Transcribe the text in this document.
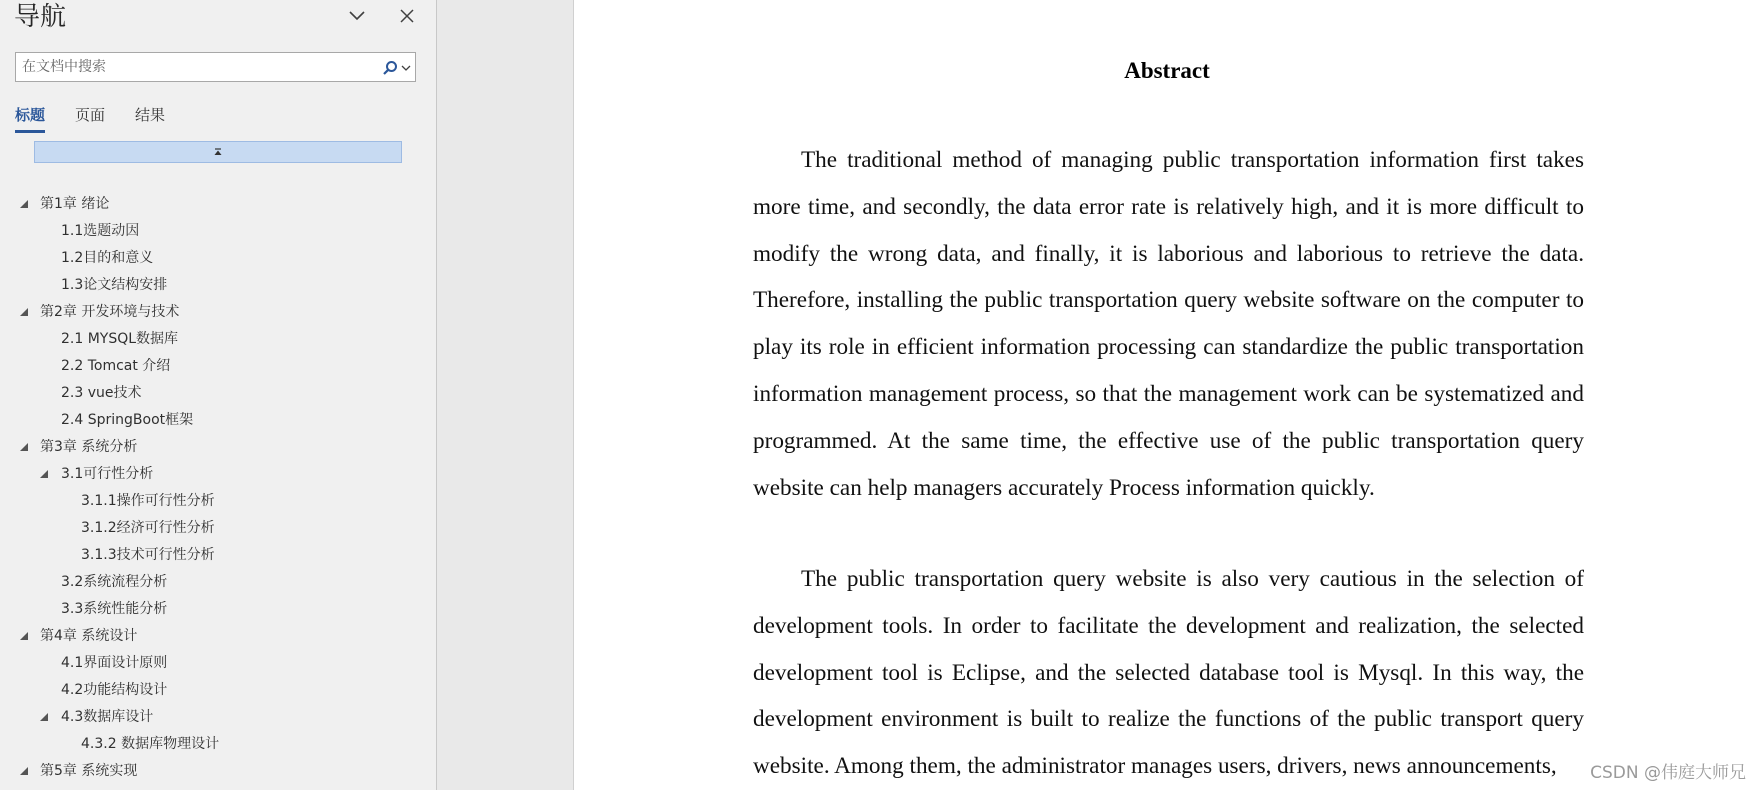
导航
在文档中搜索
标题 页面 结果
第1章 绪论
1.1选题动因
1.2目的和意义
1.3论文结构安排
第2章 开发环境与技术
2.1 MYSQL数据库
2.2 Tomcat 介绍
2.3 vue技术
2.4 SpringBoot框架
第3章 系统分析
3.1可行性分析
3.1.1操作可行性分析
3.1.2经济可行性分析
3.1.3技术可行性分析
3.2系统流程分析
3.3系统性能分析
第4章 系统设计
4.1界面设计原则
4.2功能结构设计
4.3数据库设计
4.3.2 数据库物理设计
第5章 系统实现
Abstract

The traditional method of managing public transportation information first takes more time, and secondly, the data error rate is relatively high, and it is more difficult to modify the wrong data, and finally, it is laborious and laborious to retrieve the data. Therefore, installing the public transportation query website software on the computer to play its role in efficient information processing can standardize the public transportation information management process, so that the management work can be systematized and programmed. At the same time, the effective use of the public transportation query website can help managers accurately Process information quickly.

The public transportation query website is also very cautious in the selection of development tools. In order to facilitate the development and realization, the selected development tool is Eclipse, and the selected database tool is Mysql. In this way, the development environment is built to realize the functions of the public transport query website. Among them, the administrator manages users, drivers, news announcements,	CSDN @伟庭大师兄
